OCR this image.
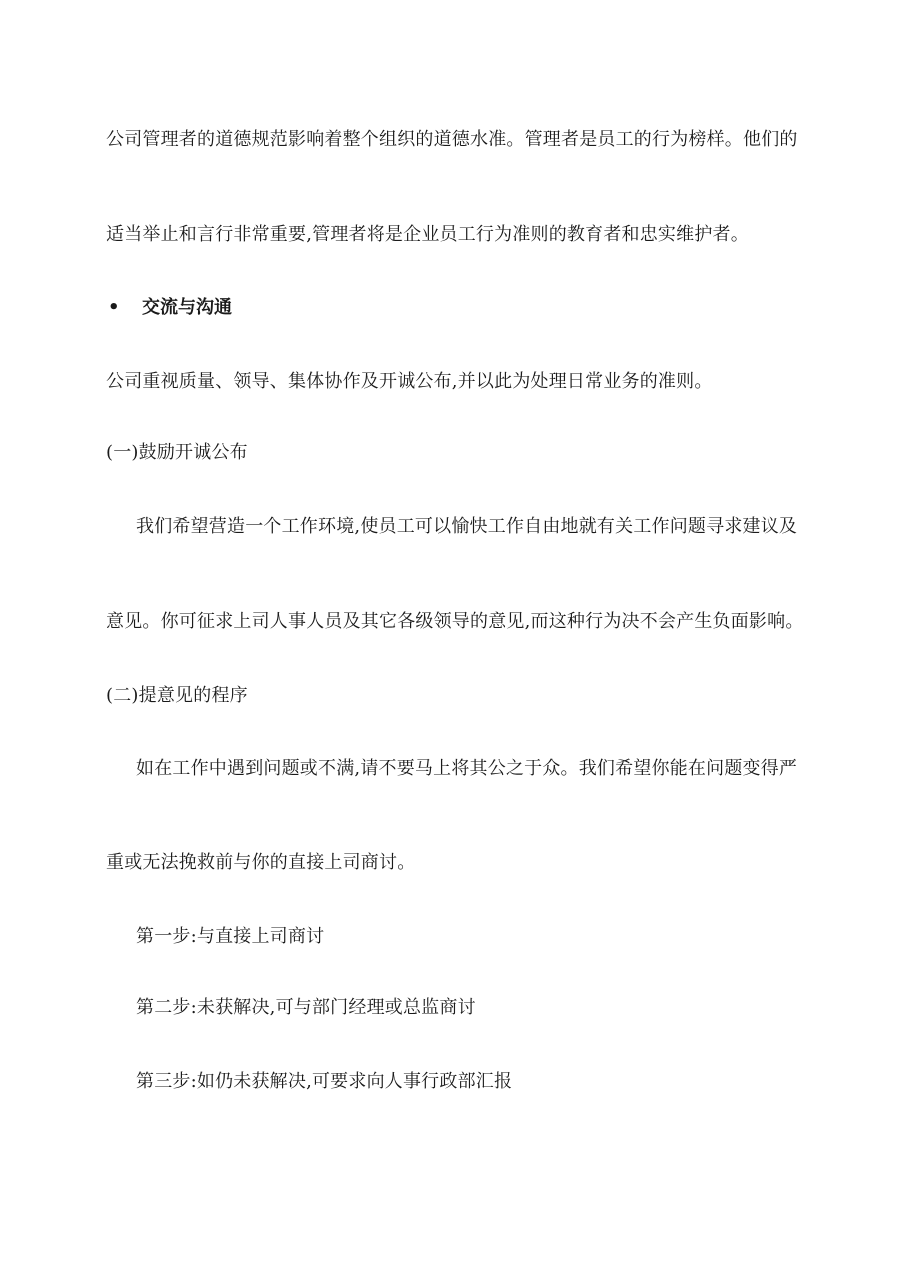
公司管理者的道德规范影响着整个组织的道德水准。管理者是员工的行为榜样。他们的
适当举止和言行非常重要,管理者将是企业员工行为准则的教育者和忠实维护者。
• 交流与沟通
公司重视质量、领导、集体协作及开诚公布,并以此为处理日常业务的准则。
(一)鼓励开诚公布
我们希望营造一个工作环境,使员工可以愉快工作自由地就有关工作问题寻求建议及
意见。你可征求上司人事人员及其它各级领导的意见,而这种行为决不会产生负面影响。
(二)提意见的程序
如在工作中遇到问题或不满,请不要马上将其公之于众。我们希望你能在问题变得严
重或无法挽救前与你的直接上司商讨。
第一步:与直接上司商讨
第二步:未获解决,可与部门经理或总监商讨
第三步:如仍未获解决,可要求向人事行政部汇报
